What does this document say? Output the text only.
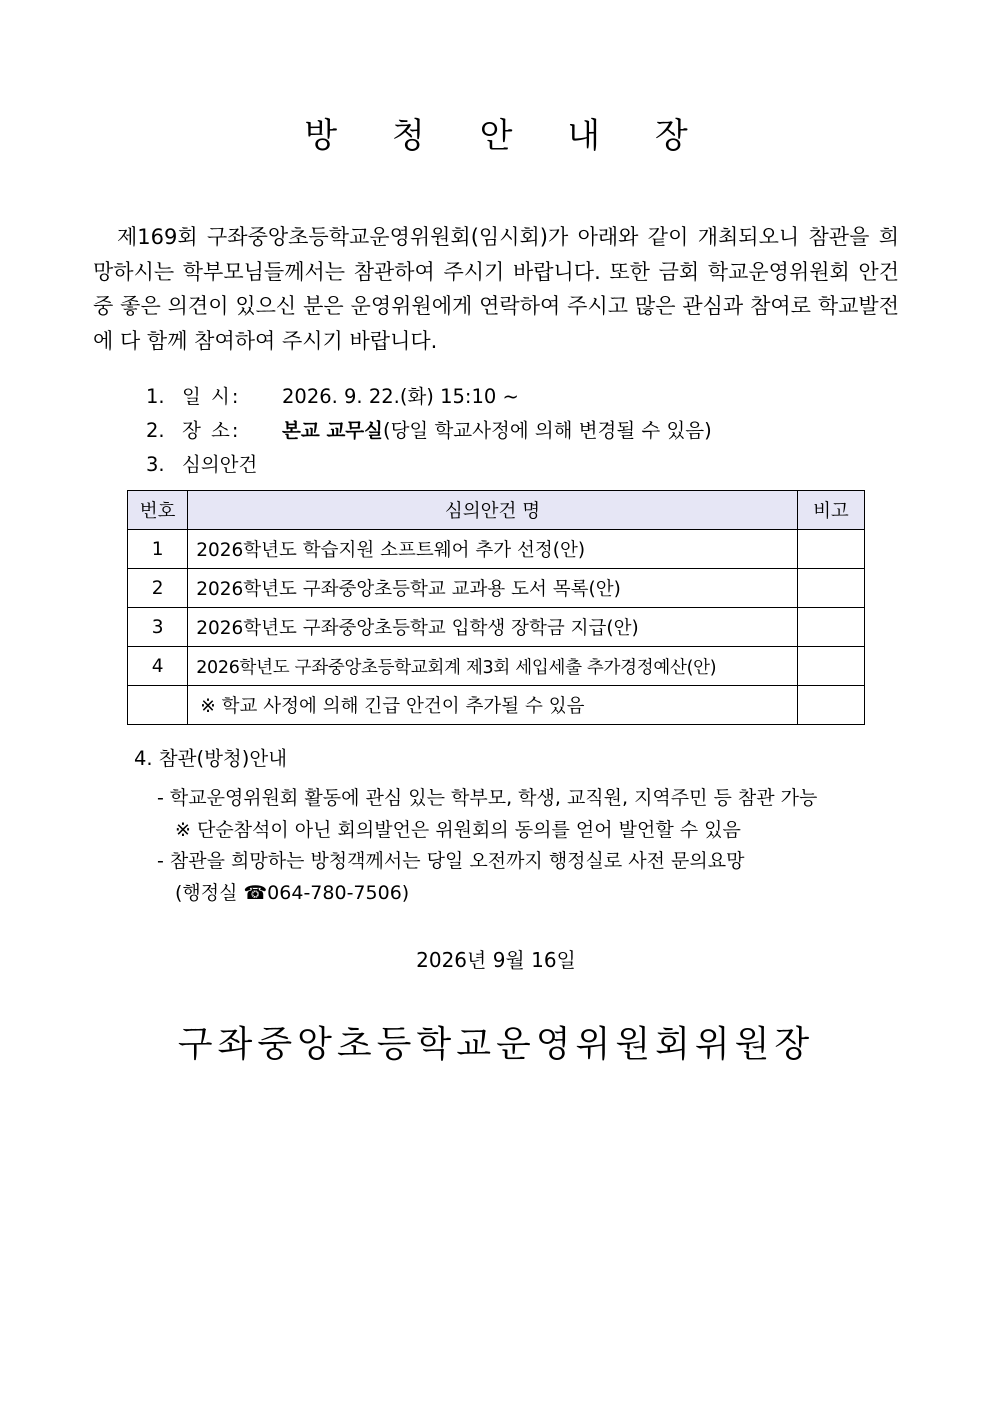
방 청 안 내 장

제169회 구좌중앙초등학교운영위원회(임시회)가 아래와 같이 개최되오니 참관을 희망하시는 학부모님들께서는 참관하여 주시기 바랍니다. 또한 금회 학교운영위원회 안건 중 좋은 의견이 있으신 분은 운영위원에게 연락하여 주시고 많은 관심과 참여로 학교발전에 다 함께 참여하여 주시기 바랍니다.

1. 일 시: 2026. 9. 22.(화) 15:10 ~
2. 장 소: 본교 교무실(당일 학교사정에 의해 변경될 수 있음)
3. 심의안건
번호	심의안건 명	비고
1	2026학년도 학습지원 소프트웨어 추가 선정(안)	
2	2026학년도 구좌중앙초등학교 교과용 도서 목록(안)	
3	2026학년도 구좌중앙초등학교 입학생 장학금 지급(안)	
4	2026학년도 구좌중앙초등학교회계 제3회 세입세출 추가경정예산(안)	
	※ 학교 사정에 의해 긴급 안건이 추가될 수 있음	
4. 참관(방청)안내
- 학교운영위원회 활동에 관심 있는 학부모, 학생, 교직원, 지역주민 등 참관 가능
※ 단순참석이 아닌 회의발언은 위원회의 동의를 얻어 발언할 수 있음
- 참관을 희망하는 방청객께서는 당일 오전까지 행정실로 사전 문의요망
(행정실 ☎064-780-7506)
2026년 9월 16일
구좌중앙초등학교운영위원회위원장
